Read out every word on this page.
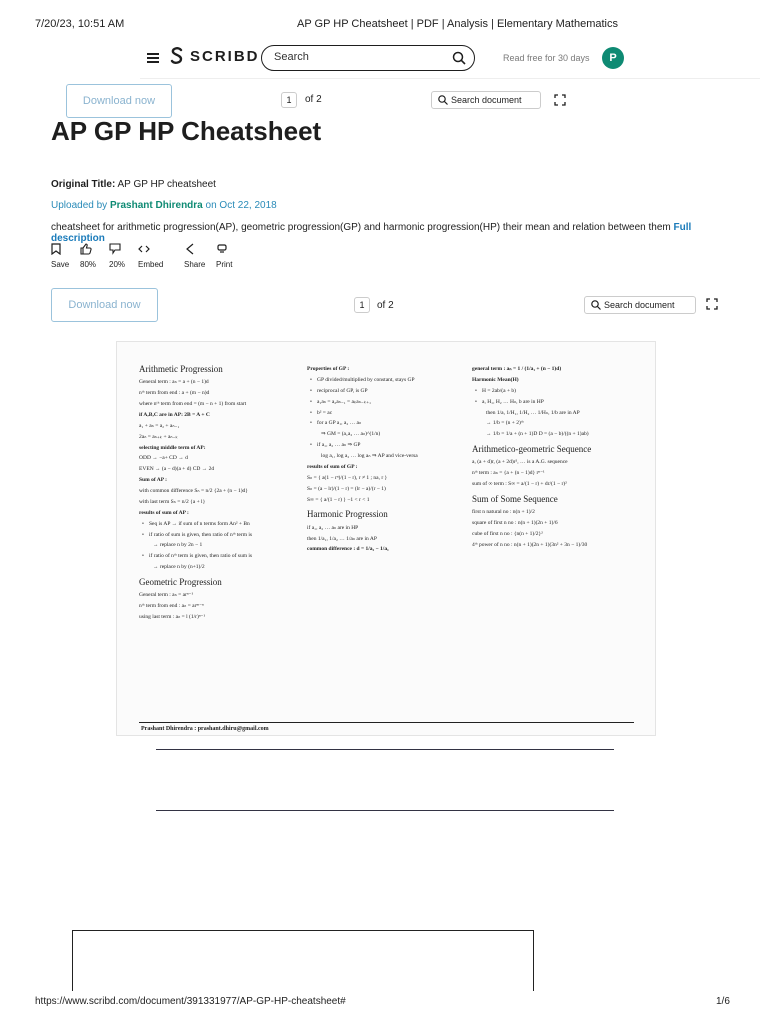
7/20/23, 10:51 AM	AP GP HP Cheatsheet | PDF | Analysis | Elementary Mathematics
SCRIBD
Search	Read free for 30 days	P
Download now	1	of 2	Search document
AP GP HP Cheatsheet
Original Title: AP GP HP cheatsheet
Uploaded by Prashant Dhirendra on Oct 22, 2018
cheatsheet for arithmetic progression(AP), geometric progression(GP) and harmonic progression(HP) their mean and relation between them Full description
Save 80% 20% Embed	Share Print
Download now	1	of 2	Search document

Arithmetic Progression

General term : aₙ = a + (n − 1)d

nᵗʰ term from end : a + (m − n)d

where nᵗʰ term from end = (m − n + 1) from start

if A,B,C are in AP: 2B = A + C

a₁ + aₙ = a₂ + aₙ₋₁

2aₙ = aₙ₊ₖ + aₙ₋ₖ

selecting middle term of AP:

ODD → −a+ CD → d

EVEN → (a − d)(a + d) CD → 2d

Sum of AP :

with common difference Sₙ = n/2 {2a + (n − 1)d}

with last term Sₙ = n/2 {a + l}

results of sum of AP :

• Seq is AP → if sum of n terms form An² + Bn

• if ratio of sum is given, then ratio of nᵗʰ term is

→ replace n by 2n − 1

• if ratio of nᵗʰ term is given, then ratio of sum is

→ replace n by (n+1)/2

Geometric Progression

General term : aₙ = arⁿ⁻¹

nᵗʰ term from end : aₙ = arᵐ⁻ⁿ

using last term : aₙ = l (1/r)ⁿ⁻¹

Properties of GP :

• GP divided/multiplied by constant, stays GP

• reciprocal of GP, is GP

• a₁aₙ = a₂aₙ₋₁ = aₖaₙ₋ₖ₊₁

• b² = ac

• for a GP a₁, a₂ … aₙ

⇒ GM = (a₁a₂ … aₙ)^(1/n)

• if a₁, a₂ … aₙ ⇒ GP

log a₁, log a₂ … log aₙ ⇒ AP and vice-versa

results of sum of GP :

Sₙ = { a(1 − rⁿ)/(1 − r), r ≠ 1 ; na, r }

Sₙ = (a − lr)/(1 − r) = (lr − a)/(r − 1)

S∞ = { a/(1 − r) } −1 < r < 1

Harmonic Progression

if a₁, a₂ … aₙ are in HP

then 1/a₁, 1/a₂ … 1/aₙ are in AP

common difference : d = 1/a₂ − 1/a₁

general term : aₙ = 1 / (1/a₁ + (n − 1)d)

Harmonic Mean(H)

• H = 2ab/(a + b)

• a, H₁, H₂ … Hₙ, b are in HP

then 1/a, 1/H₁, 1/H₂ … 1/Hₙ, 1/b are in AP

→ 1/b = (n + 2)ᵗʰ

→ 1/b = 1/a + (n + 1)D D = (a − b)/((n + 1)ab)

Arithmetico-geometric Sequence

a, (a + d)r, (a + 2d)r², … is a A.G. sequence

nᵗʰ term : aₙ = {a + (n − 1)d} rⁿ⁻¹

sum of ∞ term : S∞ = a/(1 − r) + dr/(1 − r)²

Sum of Some Sequence

first n natural no : n(n + 1)/2

square of first n no : n(n + 1)(2n + 1)/6

cube of first n no : {n(n + 1)/2}²

4ᵗʰ power of n no : n(n + 1)(2n + 1)(3n² + 3n − 1)/30

Prashant Dhirendra : prashant.dhiru@gmail.com
https://www.scribd.com/document/391331977/AP-GP-HP-cheatsheet#	1/6
